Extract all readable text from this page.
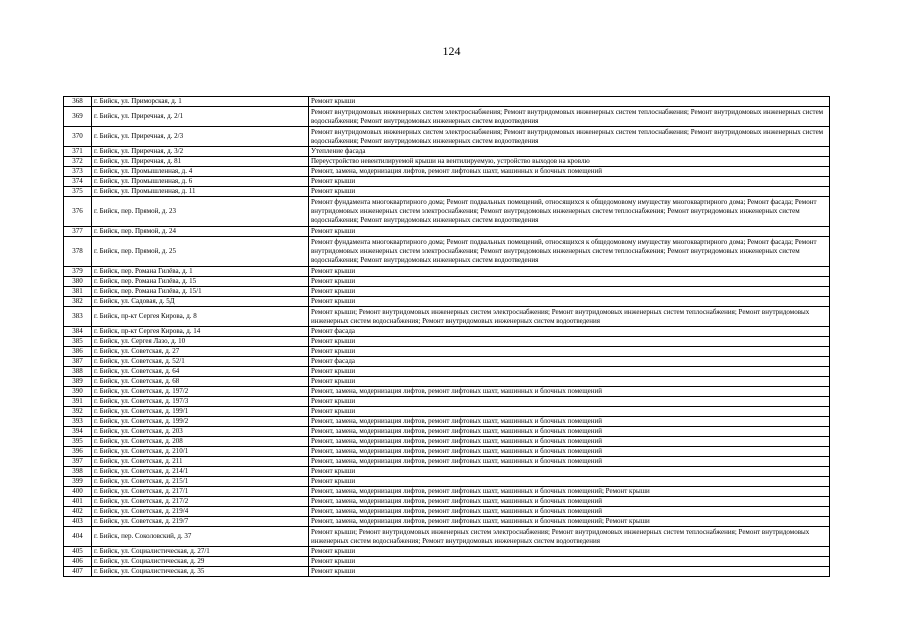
124
368	г. Бийск, ул. Приморская, д. 1	Ремонт крыши
369	г. Бийск, ул. Приречная, д. 2/1	Ремонт внутридомовых инженерных систем электроснабжения; Ремонт внутридомовых инженерных систем теплоснабжения; Ремонт внутридомовых инженерных систем водоснабжения; Ремонт внутридомовых инженерных систем водоотведения
370	г. Бийск, ул. Приречная, д. 2/3	Ремонт внутридомовых инженерных систем электроснабжения; Ремонт внутридомовых инженерных систем теплоснабжения; Ремонт внутридомовых инженерных систем водоснабжения; Ремонт внутридомовых инженерных систем водоотведения
371	г. Бийск, ул. Приречная, д. 3/2	Утепление фасада
372	г. Бийск, ул. Приречная, д. 81	Переустройство невентилируемой крыши на вентилируемую, устройство выходов на кровлю
373	г. Бийск, ул. Промышленная, д. 4	Ремонт, замена, модернизация лифтов, ремонт лифтовых шахт, машинных и блочных помещений
374	г. Бийск, ул. Промышленная, д. 6	Ремонт крыши
375	г. Бийск, ул. Промышленная, д. 11	Ремонт крыши
376	г. Бийск, пер. Прямой, д. 23	Ремонт фундамента многоквартирного дома; Ремонт подвальных помещений, относящихся к общедомовому имуществу многоквартирного дома; Ремонт фасада; Ремонт внутридомовых инженерных систем электроснабжения; Ремонт внутридомовых инженерных систем теплоснабжения; Ремонт внутридомовых инженерных систем водоснабжения; Ремонт внутридомовых инженерных систем водоотведения
377	г. Бийск, пер. Прямой, д. 24	Ремонт крыши
378	г. Бийск, пер. Прямой, д. 25	Ремонт фундамента многоквартирного дома; Ремонт подвальных помещений, относящихся к общедомовому имуществу многоквартирного дома; Ремонт фасада; Ремонт внутридомовых инженерных систем электроснабжения; Ремонт внутридомовых инженерных систем теплоснабжения; Ремонт внутридомовых инженерных систем водоснабжения; Ремонт внутридомовых инженерных систем водоотведения
379	г. Бийск, пер. Романа Гилёва, д. 1	Ремонт крыши
380	г. Бийск, пер. Романа Гилёва, д. 15	Ремонт крыши
381	г. Бийск, пер. Романа Гилёва, д. 15/1	Ремонт крыши
382	г. Бийск, ул. Садовая, д. 5Д	Ремонт крыши
383	г. Бийск, пр-кт Сергея Кирова, д. 8	Ремонт крыши; Ремонт внутридомовых инженерных систем электроснабжения; Ремонт внутридомовых инженерных систем теплоснабжения; Ремонт внутридомовых инженерных систем водоснабжения; Ремонт внутридомовых инженерных систем водоотведения
384	г. Бийск, пр-кт Сергея Кирова, д. 14	Ремонт фасада
385	г. Бийск, ул. Сергея Лазо, д. 10	Ремонт крыши
386	г. Бийск, ул. Советская, д. 27	Ремонт крыши
387	г. Бийск, ул. Советская, д. 52/1	Ремонт фасада
388	г. Бийск, ул. Советская, д. 64	Ремонт крыши
389	г. Бийск, ул. Советская, д. 68	Ремонт крыши
390	г. Бийск, ул. Советская, д. 197/2	Ремонт, замена, модернизация лифтов, ремонт лифтовых шахт, машинных и блочных помещений
391	г. Бийск, ул. Советская, д. 197/3	Ремонт крыши
392	г. Бийск, ул. Советская, д. 199/1	Ремонт крыши
393	г. Бийск, ул. Советская, д. 199/2	Ремонт, замена, модернизация лифтов, ремонт лифтовых шахт, машинных и блочных помещений
394	г. Бийск, ул. Советская, д. 203	Ремонт, замена, модернизация лифтов, ремонт лифтовых шахт, машинных и блочных помещений
395	г. Бийск, ул. Советская, д. 208	Ремонт, замена, модернизация лифтов, ремонт лифтовых шахт, машинных и блочных помещений
396	г. Бийск, ул. Советская, д. 210/1	Ремонт, замена, модернизация лифтов, ремонт лифтовых шахт, машинных и блочных помещений
397	г. Бийск, ул. Советская, д. 211	Ремонт, замена, модернизация лифтов, ремонт лифтовых шахт, машинных и блочных помещений
398	г. Бийск, ул. Советская, д. 214/1	Ремонт крыши
399	г. Бийск, ул. Советская, д. 215/1	Ремонт крыши
400	г. Бийск, ул. Советская, д. 217/1	Ремонт, замена, модернизация лифтов, ремонт лифтовых шахт, машинных и блочных помещений; Ремонт крыши
401	г. Бийск, ул. Советская, д. 217/2	Ремонт, замена, модернизация лифтов, ремонт лифтовых шахт, машинных и блочных помещений
402	г. Бийск, ул. Советская, д. 219/4	Ремонт, замена, модернизация лифтов, ремонт лифтовых шахт, машинных и блочных помещений
403	г. Бийск, ул. Советская, д. 219/7	Ремонт, замена, модернизация лифтов, ремонт лифтовых шахт, машинных и блочных помещений; Ремонт крыши
404	г. Бийск, пер. Соколовский, д. 37	Ремонт крыши; Ремонт внутридомовых инженерных систем электроснабжения; Ремонт внутридомовых инженерных систем теплоснабжения; Ремонт внутридомовых инженерных систем водоснабжения; Ремонт внутридомовых инженерных систем водоотведения
405	г. Бийск, ул. Социалистическая, д. 27/1	Ремонт крыши
406	г. Бийск, ул. Социалистическая, д. 29	Ремонт крыши
407	г. Бийск, ул. Социалистическая, д. 35	Ремонт крыши
